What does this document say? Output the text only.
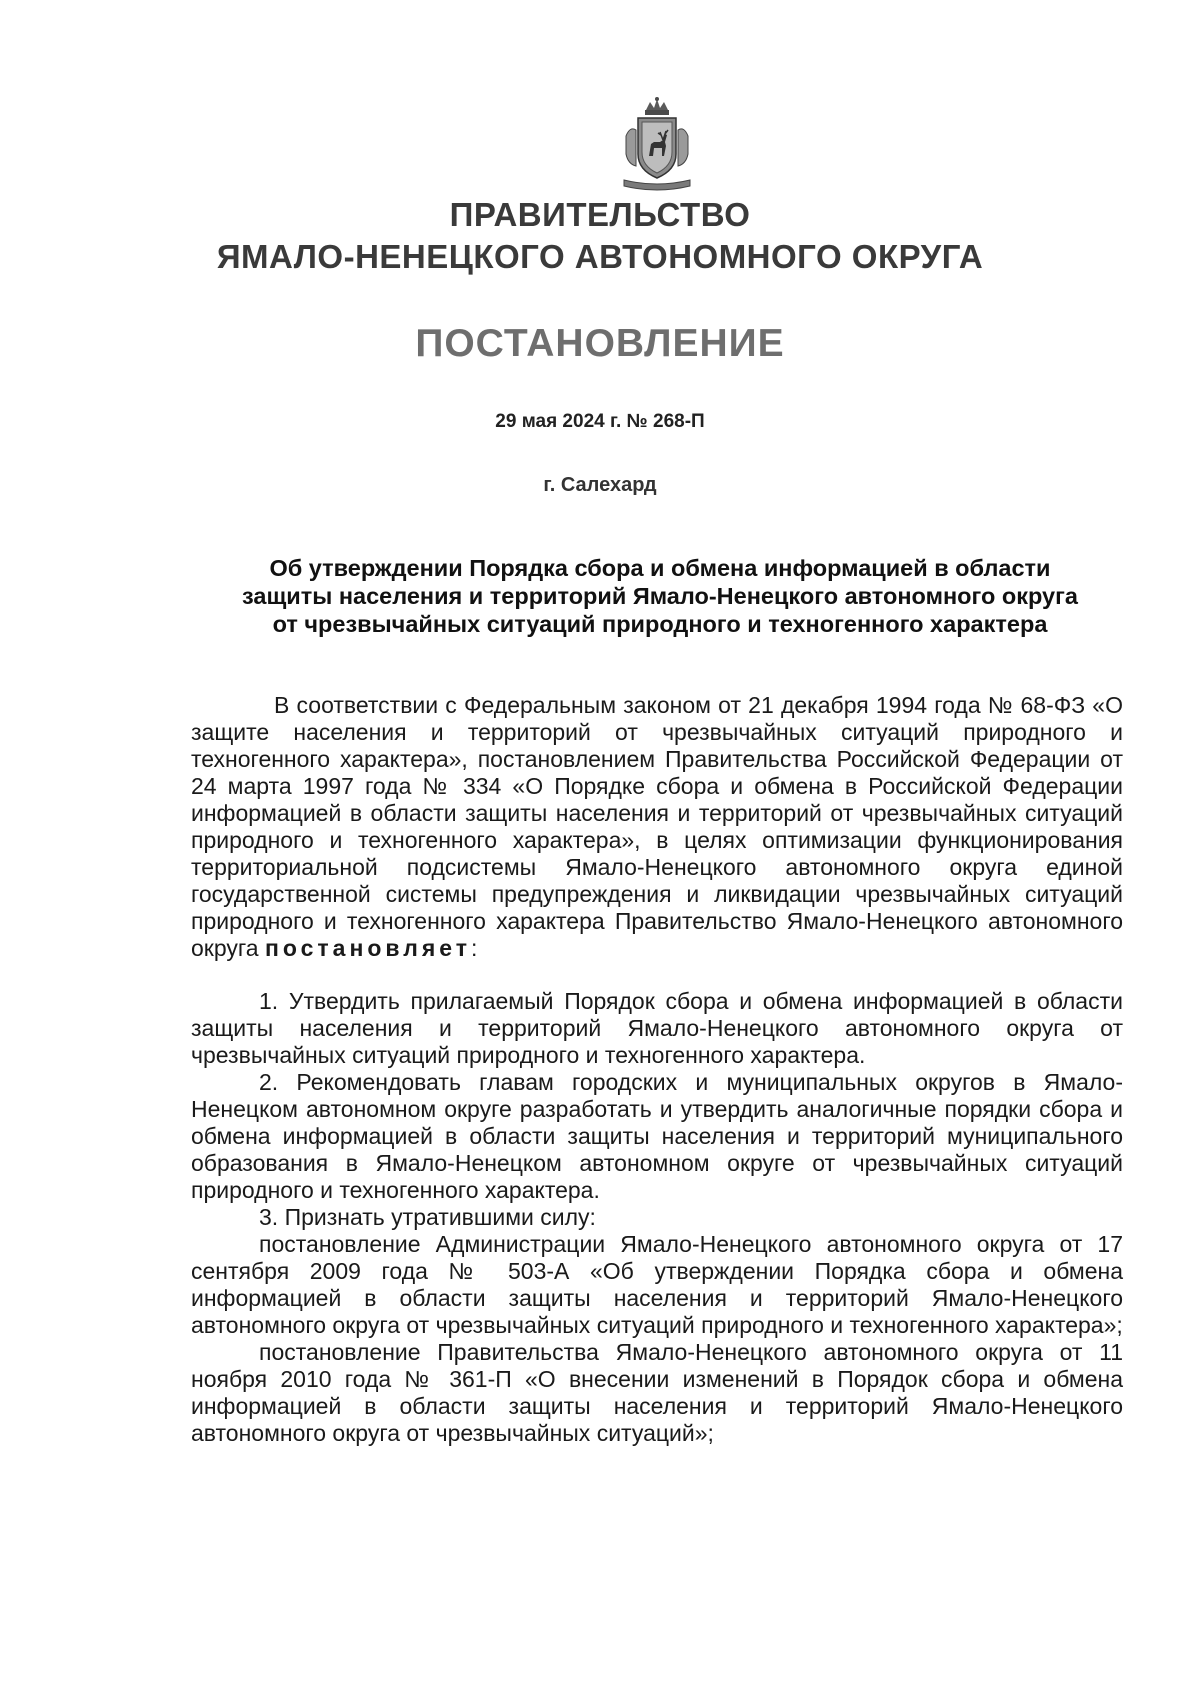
ПРАВИТЕЛЬСТВО
ЯМАЛО-НЕНЕЦКОГО АВТОНОМНОГО ОКРУГА
ПОСТАНОВЛЕНИЕ
29 мая 2024 г. № 268-П
г. Салехард
Об утверждении Порядка сбора и обмена информацией в области
защиты населения и территорий Ямало-Ненецкого автономного округа
от чрезвычайных ситуаций природного и техногенного характера

В соответствии с Федеральным законом от 21 декабря 1994 года № 68-ФЗ «О защите населения и территорий от чрезвычайных ситуаций природного и техногенного характера», постановлением Правительства Российской Федерации от 24 марта 1997 года № 334 «О Порядке сбора и обмена в Российской Федерации информацией в области защиты населения и территорий от чрезвычайных ситуаций природного и техногенного характера», в целях оптимизации функционирования территориальной подсистемы Ямало-Ненецкого автономного округа единой государственной системы предупреждения и ликвидации чрезвычайных ситуаций природного и техногенного характера Правительство Ямало-Ненецкого автономного округа постановляет:

1. Утвердить прилагаемый Порядок сбора и обмена информацией в области защиты населения и территорий Ямало-Ненецкого автономного округа от чрезвычайных ситуаций природного и техногенного характера.

2. Рекомендовать главам городских и муниципальных округов в Ямало-Ненецком автономном округе разработать и утвердить аналогичные порядки сбора и обмена информацией в области защиты населения и территорий муниципального образования в Ямало-Ненецком автономном округе от чрезвычайных ситуаций природного и техногенного характера.

3. Признать утратившими силу:

постановление Администрации Ямало-Ненецкого автономного округа от 17 сентября 2009 года № 503-А «Об утверждении Порядка сбора и обмена информацией в области защиты населения и территорий Ямало-Ненецкого автономного округа от чрезвычайных ситуаций природного и техногенного характера»;

постановление Правительства Ямало-Ненецкого автономного округа от 11 ноября 2010 года № 361-П «О внесении изменений в Порядок сбора и обмена информацией в области защиты населения и территорий Ямало-Ненецкого автономного округа от чрезвычайных ситуаций»;
